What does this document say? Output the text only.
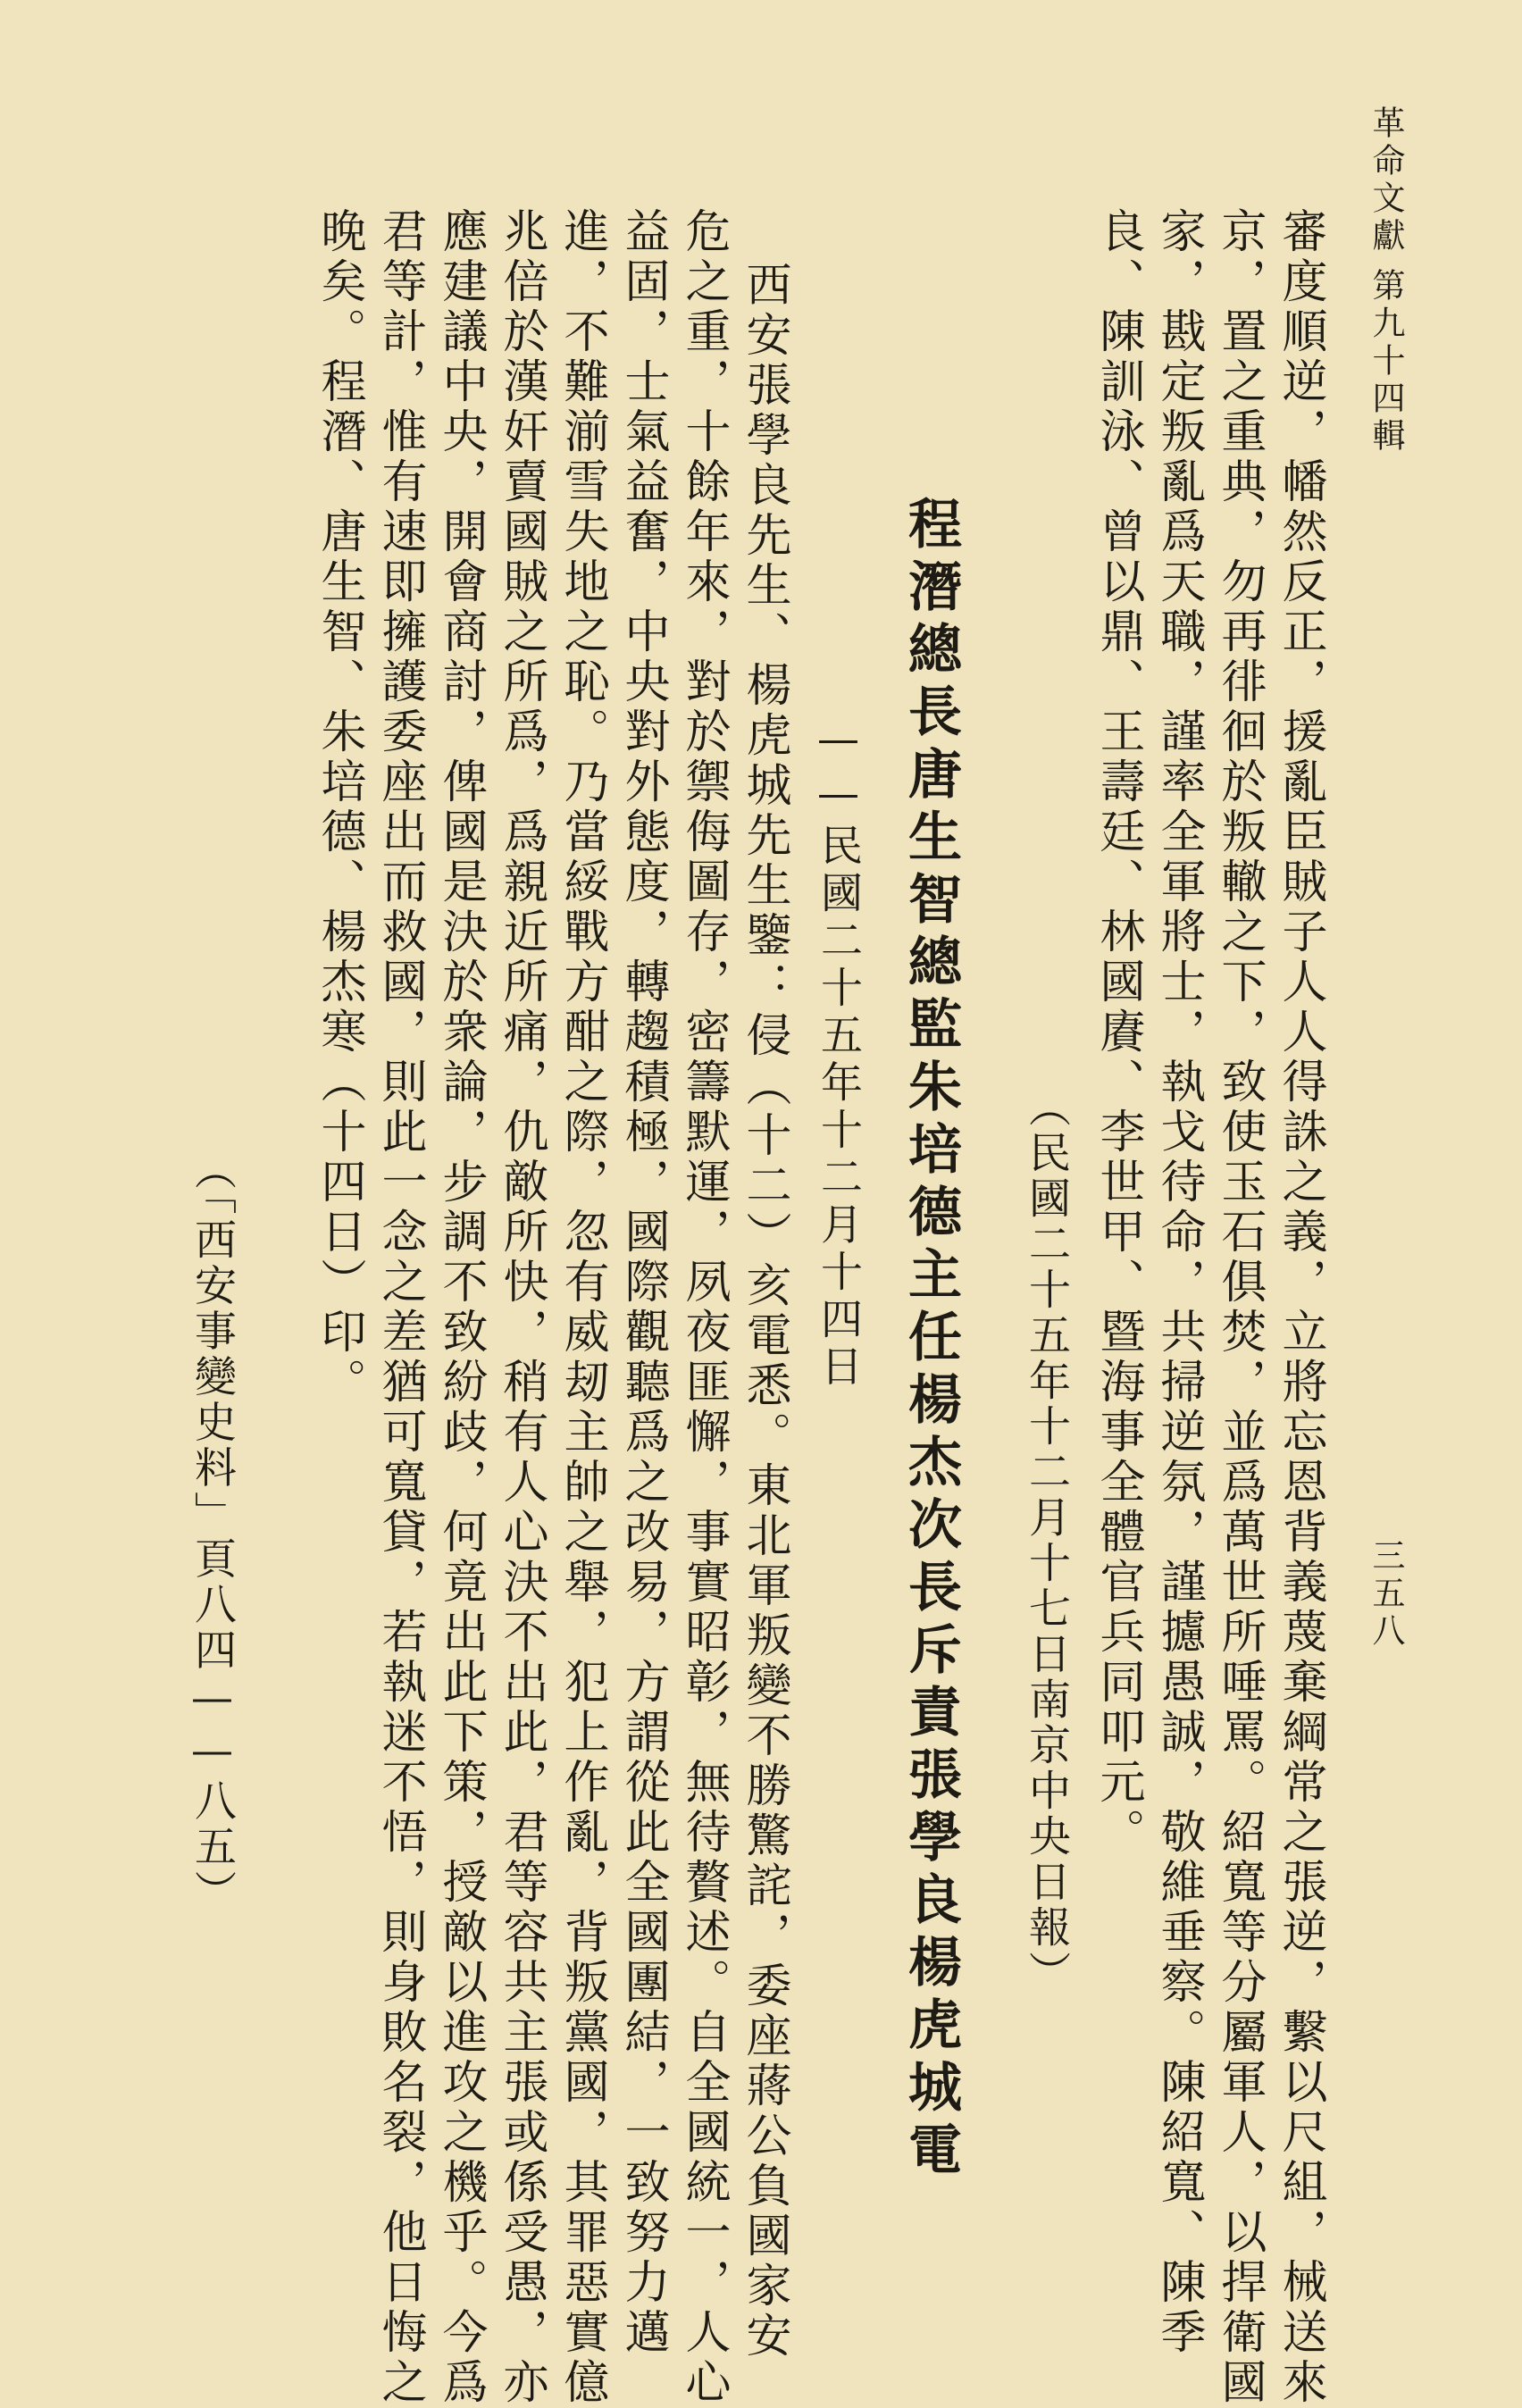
革命文獻第九十四輯
三五八
審度順逆，幡然反正，援亂臣賊子人人得誅之義，立將忘恩背義蔑棄綱常之張逆，繫以尺組，械送來
京，置之重典，勿再徘徊於叛轍之下，致使玉石俱焚，並爲萬世所唾罵。紹寬等分屬軍人，以捍衛國
家，戡定叛亂爲天職，謹率全軍將士，執戈待命，共掃逆氛，謹攄愚誠，敬維垂察。陳紹寬、陳季
良、陳訓泳、曾以鼎、王壽廷、林國賡、李世甲、暨海事全體官兵同叩元。
（民國二十五年十二月十七日南京中央日報）
程潛總長唐生智總監朱培德主任楊杰次長斥責張學良楊虎城電
——民國二十五年十二月十四日
西安張學良先生、楊虎城先生鑒：侵（十二）亥電悉。東北軍叛變不勝驚詫，委座蔣公負國家安
危之重，十餘年來，對於禦侮圖存，密籌默運，夙夜匪懈，事實昭彰，無待贅述。自全國統一，人心
益固，士氣益奮，中央對外態度，轉趨積極，國際觀聽爲之改易，方謂從此全國團結，一致努力邁
進，不難湔雪失地之恥。乃當綏戰方酣之際，忽有威刼主帥之舉，犯上作亂，背叛黨國，其罪惡實億
兆倍於漢奸賣國賊之所爲，爲親近所痛，仇敵所快，稍有人心決不出此，君等容共主張或係受愚，亦
應建議中央，開會商討，俾國是決於衆論，步調不致紛歧，何竟出此下策，授敵以進攻之機乎。今爲
君等計，惟有速即擁護委座出而救國，則此一念之差猶可寬貸，若執迷不悟，則身敗名裂，他日悔之
晚矣。程潛、唐生智、朱培德、楊杰寒（十四日）印。
（「西安事變史料」頁八四——八五）
